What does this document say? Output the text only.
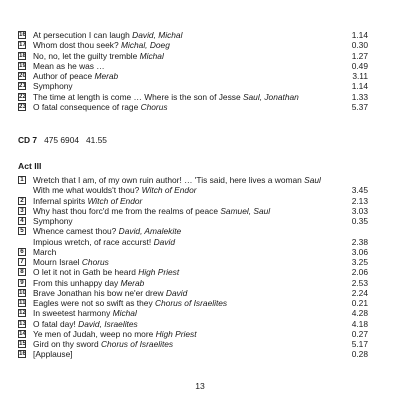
16 At persecution I can laugh David, Michal	1.14
17 Whom dost thou seek? Michal, Doeg	0.30
18 No, no, let the guilty tremble Michal	1.27
19 Mean as he was …	0.49
20 Author of peace Merab	3.11
21 Symphony	1.14
22 The time at length is come … Where is the son of Jesse Saul, Jonathan	1.33
23 O fatal consequence of rage Chorus	5.37
CD 7 475 6904 41.55
Act III
1 Wretch that I am, of my own ruin author! … 'Tis said, here lives a woman Saul
With me what woulds't thou? Witch of Endor	3.45
2 Infernal spirits Witch of Endor	2.13
3 Why hast thou forc'd me from the realms of peace Samuel, Saul	3.03
4 Symphony	0.35
5 Whence camest thou? David, Amalekite
Impious wretch, of race accurst! David	2.38
6 March	3.06
7 Mourn Israel Chorus	3.25
8 O let it not in Gath be heard High Priest	2.06
9 From this unhappy day Merab	2.53
10 Brave Jonathan his bow ne'er drew David	2.24
11 Eagles were not so swift as they Chorus of Israelites	0.21
12 In sweetest harmony Michal	4.28
13 O fatal day! David, Israelites	4.18
14 Ye men of Judah, weep no more High Priest	0.27
15 Gird on thy sword Chorus of Israelites	5.17
16 [Applause]	0.28
13
